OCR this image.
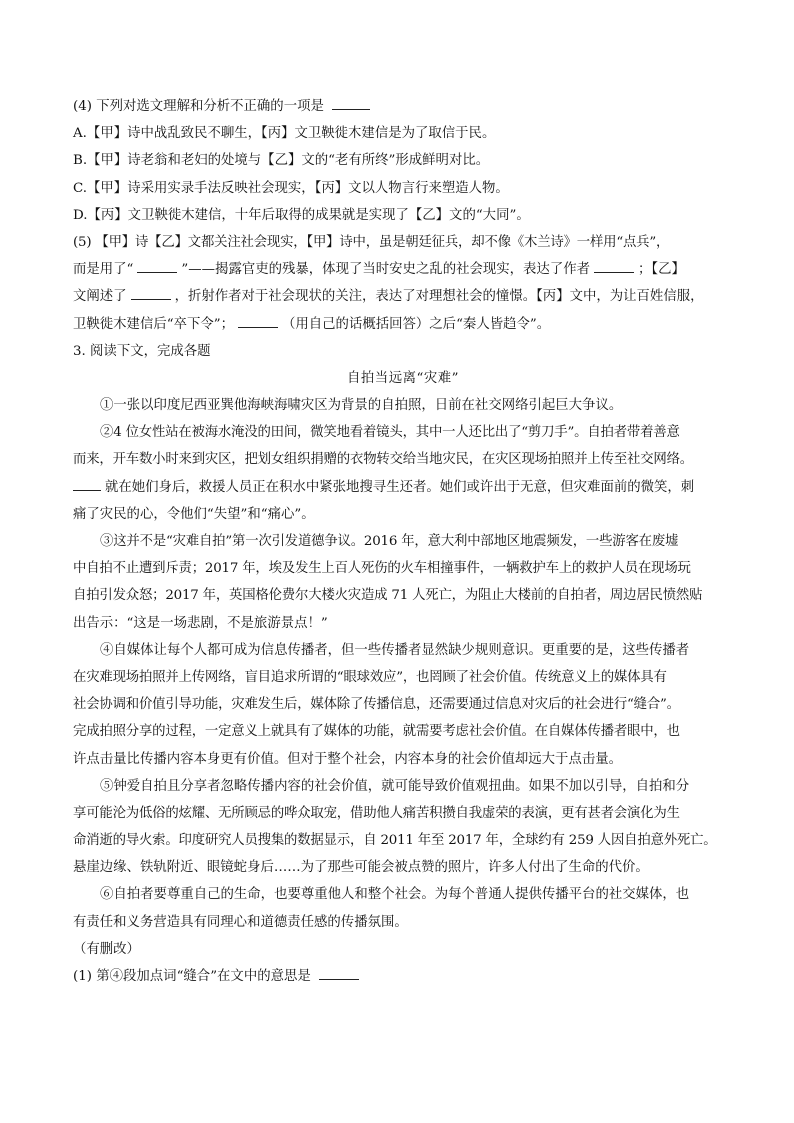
(4) 下列对选文理解和分析不正确的一项是
A.【甲】诗中战乱致民不聊生，【丙】文卫鞅徙木建信是为了取信于民。
B.【甲】诗老翁和老妇的处境与【乙】文的“老有所终”形成鲜明对比。
C.【甲】诗采用实录手法反映社会现实，【丙】文以人物言行来塑造人物。
D.【丙】文卫鞅徙木建信，十年后取得的成果就是实现了【乙】文的“大同”。
(5) 【甲】诗【乙】文都关注社会现实，【甲】诗中，虽是朝廷征兵，却不像《木兰诗》一样用“点兵”，
而是用了“	”——揭露官吏的残暴，体现了当时安史之乱的社会现实，表达了作者	；【乙】
文阐述了	，折射作者对于社会现状的关注，表达了对理想社会的憧憬。【丙】文中，为让百姓信服，
卫鞅徙木建信后“卒下令”；	（用自己的话概括回答）之后“秦人皆趋令”。
3. 阅读下文，完成各题
自拍当远离“灾难”
①一张以印度尼西亚巽他海峡海啸灾区为背景的自拍照，日前在社交网络引起巨大争议。
②4 位女性站在被海水淹没的田间，微笑地看着镜头，其中一人还比出了“剪刀手”。自拍者带着善意
而来，开车数小时来到灾区，把划女组织捐赠的衣物转交给当地灾民，在灾区现场拍照并上传至社交网络。
就在她们身后，救援人员正在积水中紧张地搜寻生还者。她们或许出于无意，但灾难面前的微笑，刺
痛了灾民的心，令他们“失望”和“痛心”。
③这并不是“灾难自拍”第一次引发道德争议。2016 年，意大利中部地区地震频发，一些游客在废墟
中自拍不止遭到斥责；2017 年，埃及发生上百人死伤的火车相撞事件，一辆救护车上的救护人员在现场玩
自拍引发众怒；2017 年，英国格伦费尔大楼火灾造成 71 人死亡，为阻止大楼前的自拍者，周边居民愤然贴
出告示：“这是一场悲剧，不是旅游景点！”
④自媒体让每个人都可成为信息传播者，但一些传播者显然缺少规则意识。更重要的是，这些传播者
在灾难现场拍照并上传网络，盲目追求所谓的“眼球效应”，也罔顾了社会价值。传统意义上的媒体具有
社会协调和价值引导功能，灾难发生后，媒体除了传播信息，还需要通过信息对灾后的社会进行“缝合”。
完成拍照分享的过程，一定意义上就具有了媒体的功能，就需要考虑社会价值。在自媒体传播者眼中，也
许点击量比传播内容本身更有价值。但对于整个社会，内容本身的社会价值却远大于点击量。
⑤钟爱自拍且分享者忽略传播内容的社会价值，就可能导致价值观扭曲。如果不加以引导，自拍和分
享可能沦为低俗的炫耀、无所顾忌的哗众取宠，借助他人痛苦积攒自我虚荣的表演，更有甚者会演化为生
命消逝的导火索。印度研究人员搜集的数据显示，自 2011 年至 2017 年，全球约有 259 人因自拍意外死亡。
悬崖边缘、铁轨附近、眼镜蛇身后……为了那些可能会被点赞的照片，许多人付出了生命的代价。
⑥自拍者要尊重自己的生命，也要尊重他人和整个社会。为每个普通人提供传播平台的社交媒体，也
有责任和义务营造具有同理心和道德责任感的传播氛围。
（有删改）
(1) 第④段加点词“缝合”在文中的意思是
